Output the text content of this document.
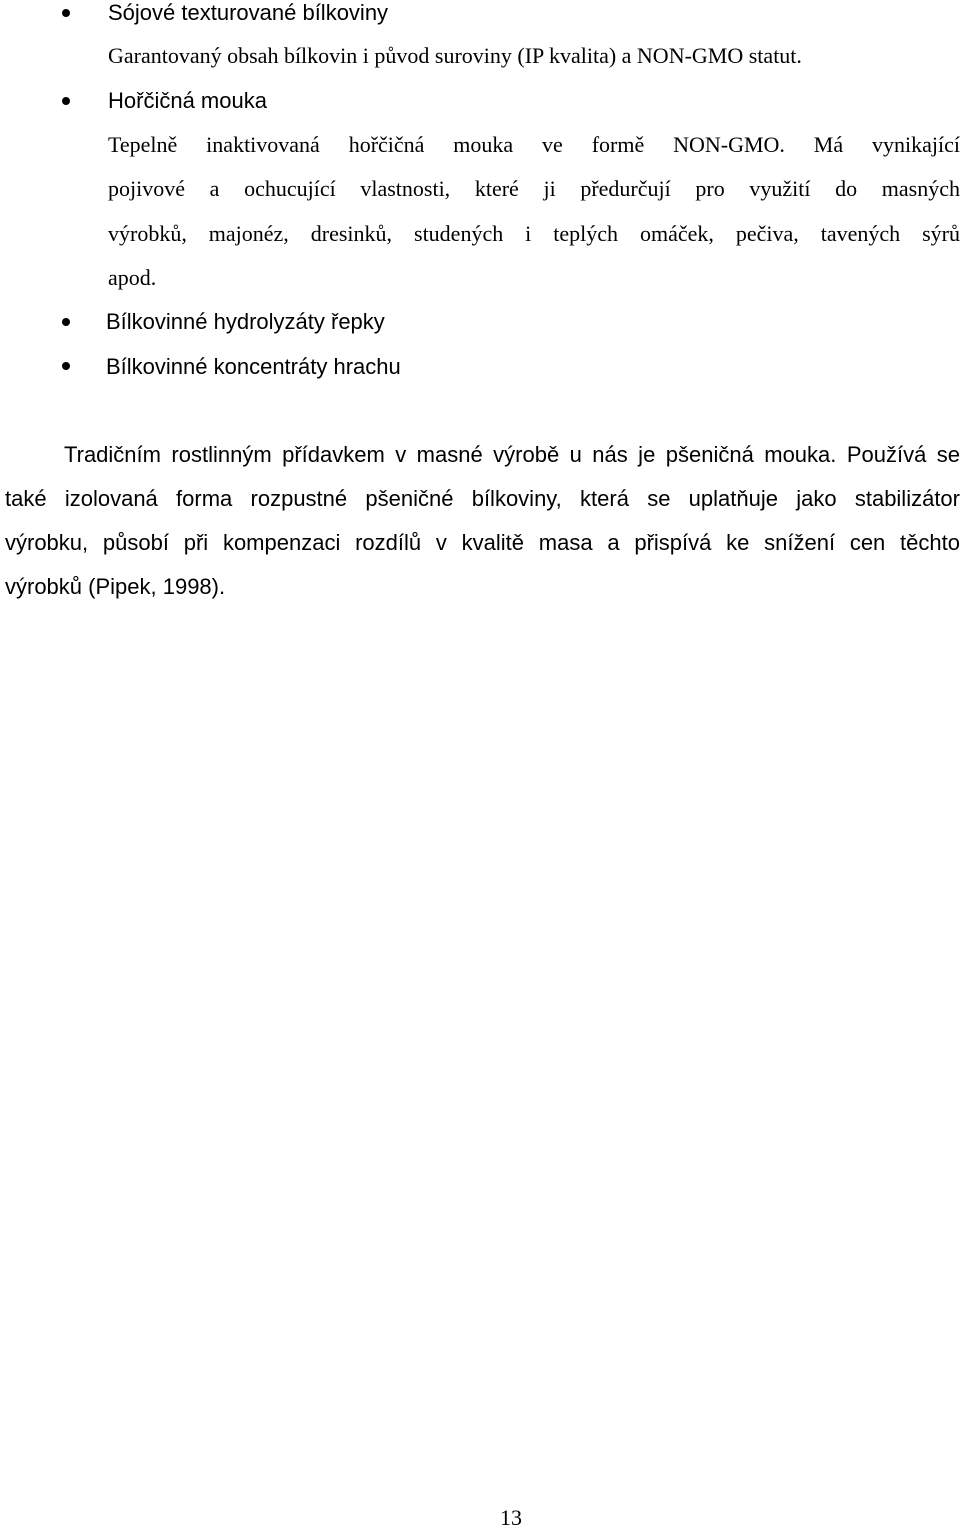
Sójové texturované bílkoviny
Garantovaný obsah bílkovin i původ suroviny (IP kvalita) a NON-GMO statut.
Hořčičná mouka
Tepelně inaktivovaná hořčičná mouka ve formě NON-GMO. Má vynikající
pojivové a ochucující vlastnosti, které ji předurčují pro využití do masných
výrobků, majonéz, dresinků, studených i teplých omáček, pečiva, tavených sýrů
apod.
Bílkovinné hydrolyzáty řepky
Bílkovinné koncentráty hrachu
Tradičním rostlinným přídavkem v masné výrobě u nás je pšeničná mouka. Používá se
také izolovaná forma rozpustné pšeničné bílkoviny, která se uplatňuje jako stabilizátor
výrobku, působí při kompenzaci rozdílů v kvalitě masa a přispívá ke snížení cen těchto
výrobků (Pipek, 1998).
13
